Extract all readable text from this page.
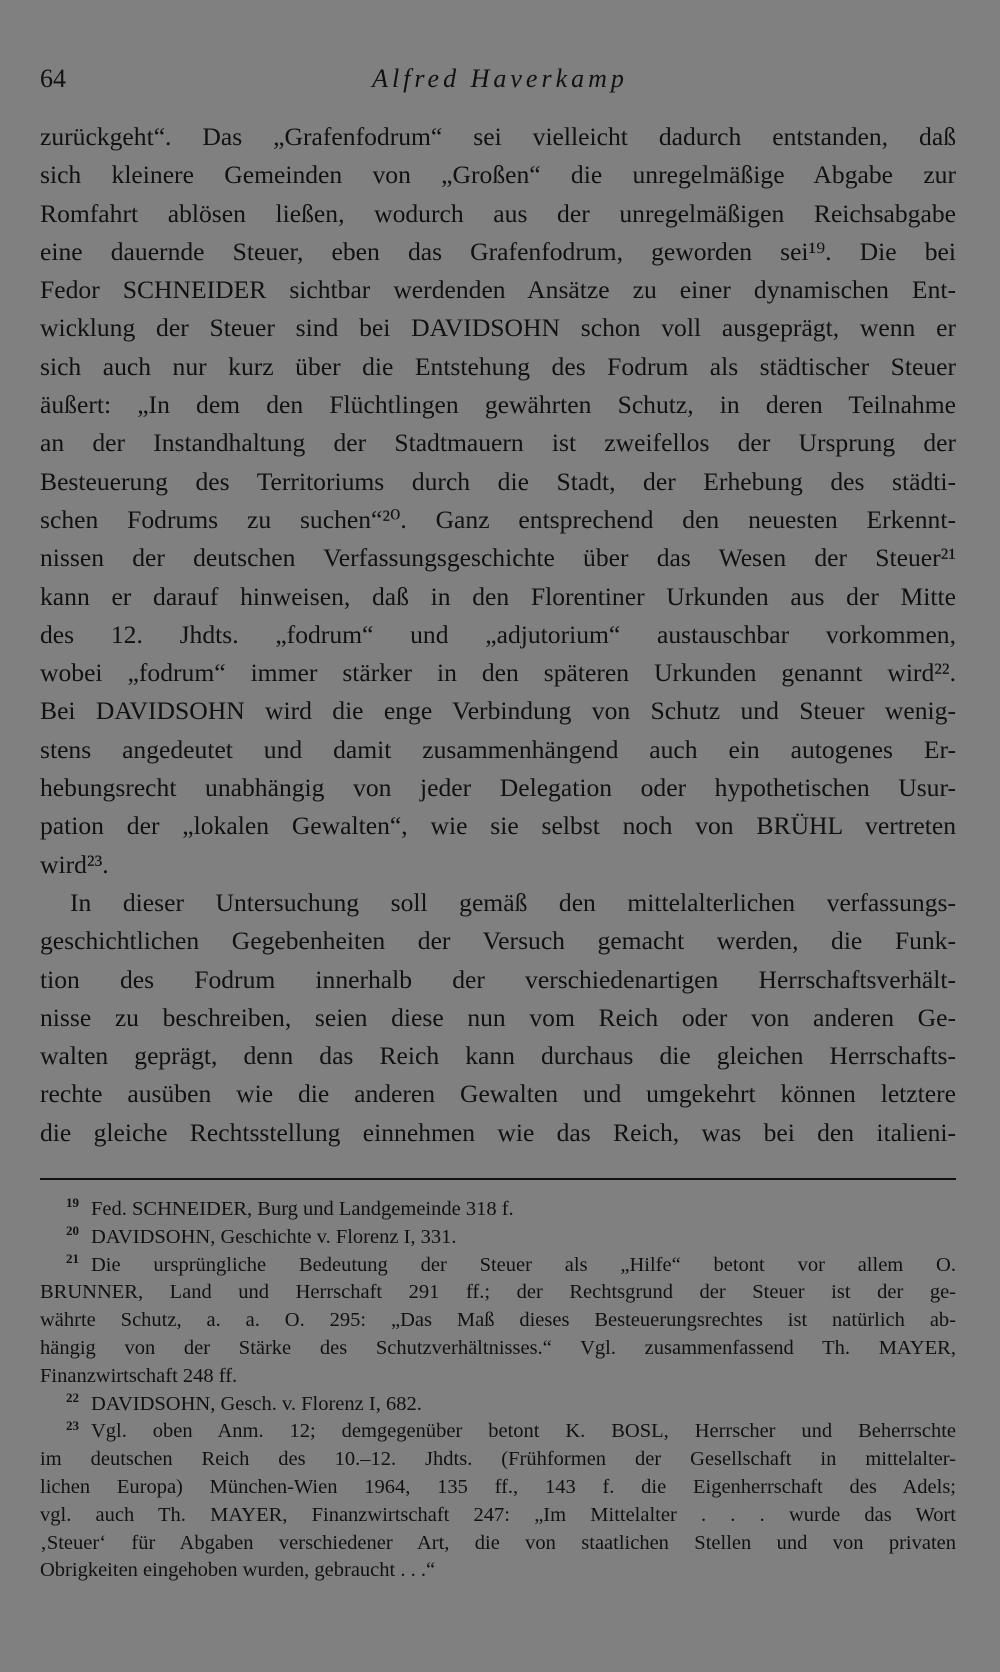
64	Alfred Haverkamp

zurückgeht“. Das „Grafenfodrum“ sei vielleicht dadurch entstanden, daß
sich kleinere Gemeinden von „Großen“ die unregelmäßige Abgabe zur
Romfahrt ablösen ließen, wodurch aus der unregelmäßigen Reichsabgabe
eine dauernde Steuer, eben das Grafenfodrum, geworden sei¹⁹. Die bei
Fedor SCHNEIDER sichtbar werdenden Ansätze zu einer dynamischen Ent-
wicklung der Steuer sind bei DAVIDSOHN schon voll ausgeprägt, wenn er
sich auch nur kurz über die Entstehung des Fodrum als städtischer Steuer
äußert: „In dem den Flüchtlingen gewährten Schutz, in deren Teilnahme
an der Instandhaltung der Stadtmauern ist zweifellos der Ursprung der
Besteuerung des Territoriums durch die Stadt, der Erhebung des städti-
schen Fodrums zu suchen“²⁰. Ganz entsprechend den neuesten Erkennt-
nissen der deutschen Verfassungsgeschichte über das Wesen der Steuer²¹
kann er darauf hinweisen, daß in den Florentiner Urkunden aus der Mitte
des 12. Jhdts. „fodrum“ und „adjutorium“ austauschbar vorkommen,
wobei „fodrum“ immer stärker in den späteren Urkunden genannt wird²².
Bei DAVIDSOHN wird die enge Verbindung von Schutz und Steuer wenig-
stens angedeutet und damit zusammenhängend auch ein autogenes Er-
hebungsrecht unabhängig von jeder Delegation oder hypothetischen Usur-
pation der „lokalen Gewalten“, wie sie selbst noch von BRÜHL vertreten
wird²³.

In dieser Untersuchung soll gemäß den mittelalterlichen verfassungs-
geschichtlichen Gegebenheiten der Versuch gemacht werden, die Funk-
tion des Fodrum innerhalb der verschiedenartigen Herrschaftsverhält-
nisse zu beschreiben, seien diese nun vom Reich oder von anderen Ge-
walten geprägt, denn das Reich kann durchaus die gleichen Herrschafts-
rechte ausüben wie die anderen Gewalten und umgekehrt können letztere
die gleiche Rechtsstellung einnehmen wie das Reich, was bei den italieni-

$^{19}$ Fed. SCHNEIDER, Burg und Landgemeinde 318 f.
$^{20}$ DAVIDSOHN, Geschichte v. Florenz I, 331.
$^{21}$ Die ursprüngliche Bedeutung der Steuer als „Hilfe“ betont vor allem O.
BRUNNER, Land und Herrschaft 291 ff.; der Rechtsgrund der Steuer ist der ge-
währte Schutz, a. a. O. 295: „Das Maß dieses Besteuerungsrechtes ist natürlich ab-
hängig von der Stärke des Schutzverhältnisses.“ Vgl. zusammenfassend Th. MAYER,
Finanzwirtschaft 248 ff.
$^{22}$ DAVIDSOHN, Gesch. v. Florenz I, 682.
$^{23}$ Vgl. oben Anm. 12; demgegenüber betont K. BOSL, Herrscher und Beherrschte
im deutschen Reich des 10.–12. Jhdts. (Frühformen der Gesellschaft in mittelalter-
lichen Europa) München-Wien 1964, 135 ff., 143 f. die Eigenherrschaft des Adels;
vgl. auch Th. MAYER, Finanzwirtschaft 247: „Im Mittelalter . . . wurde das Wort
‚Steuer‘ für Abgaben verschiedener Art, die von staatlichen Stellen und von privaten
Obrigkeiten eingehoben wurden, gebraucht . . .“
